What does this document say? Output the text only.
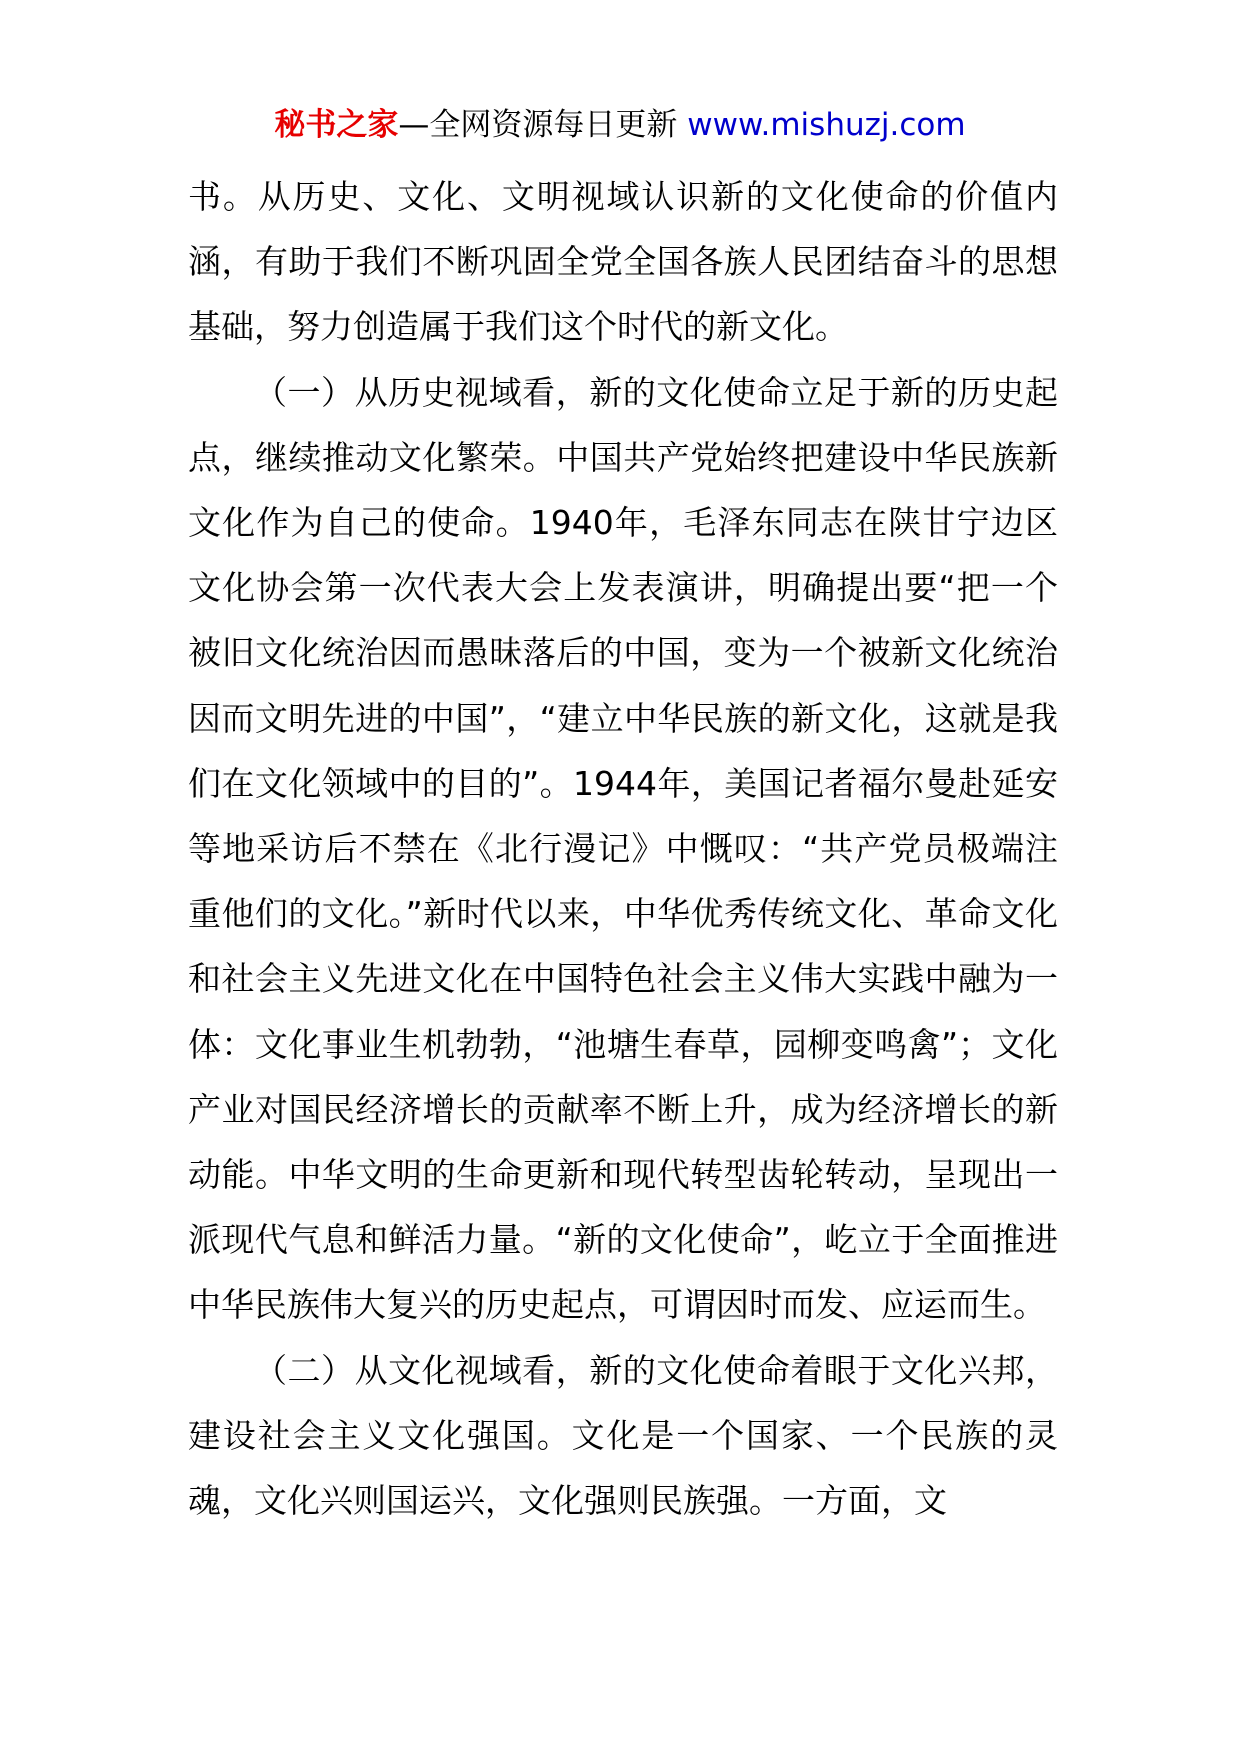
秘书之家—全网资源每日更新 www.mishuzj.com

书。从历史、文化、文明视域认识新的文化使命的价值内涵，有助于我们不断巩固全党全国各族人民团结奋斗的思想基础，努力创造属于我们这个时代的新文化。

（一）从历史视域看，新的文化使命立足于新的历史起点，继续推动文化繁荣。中国共产党始终把建设中华民族新文化作为自己的使命。1940年，毛泽东同志在陕甘宁边区文化协会第一次代表大会上发表演讲，明确提出要“把一个被旧文化统治因而愚昧落后的中国，变为一个被新文化统治因而文明先进的中国”，“建立中华民族的新文化，这就是我们在文化领域中的目的”。1944年，美国记者福尔曼赴延安等地采访后不禁在《北行漫记》中慨叹：“共产党员极端注重他们的文化。”新时代以来，中华优秀传统文化、革命文化和社会主义先进文化在中国特色社会主义伟大实践中融为一体：文化事业生机勃勃，“池塘生春草，园柳变鸣禽”；文化产业对国民经济增长的贡献率不断上升，成为经济增长的新动能。中华文明的生命更新和现代转型齿轮转动，呈现出一派现代气息和鲜活力量。“新的文化使命”，屹立于全面推进中华民族伟大复兴的历史起点，可谓因时而发、应运而生。

（二）从文化视域看，新的文化使命着眼于文化兴邦，建设社会主义文化强国。文化是一个国家、一个民族的灵魂，文化兴则国运兴，文化强则民族强。一方面，文
